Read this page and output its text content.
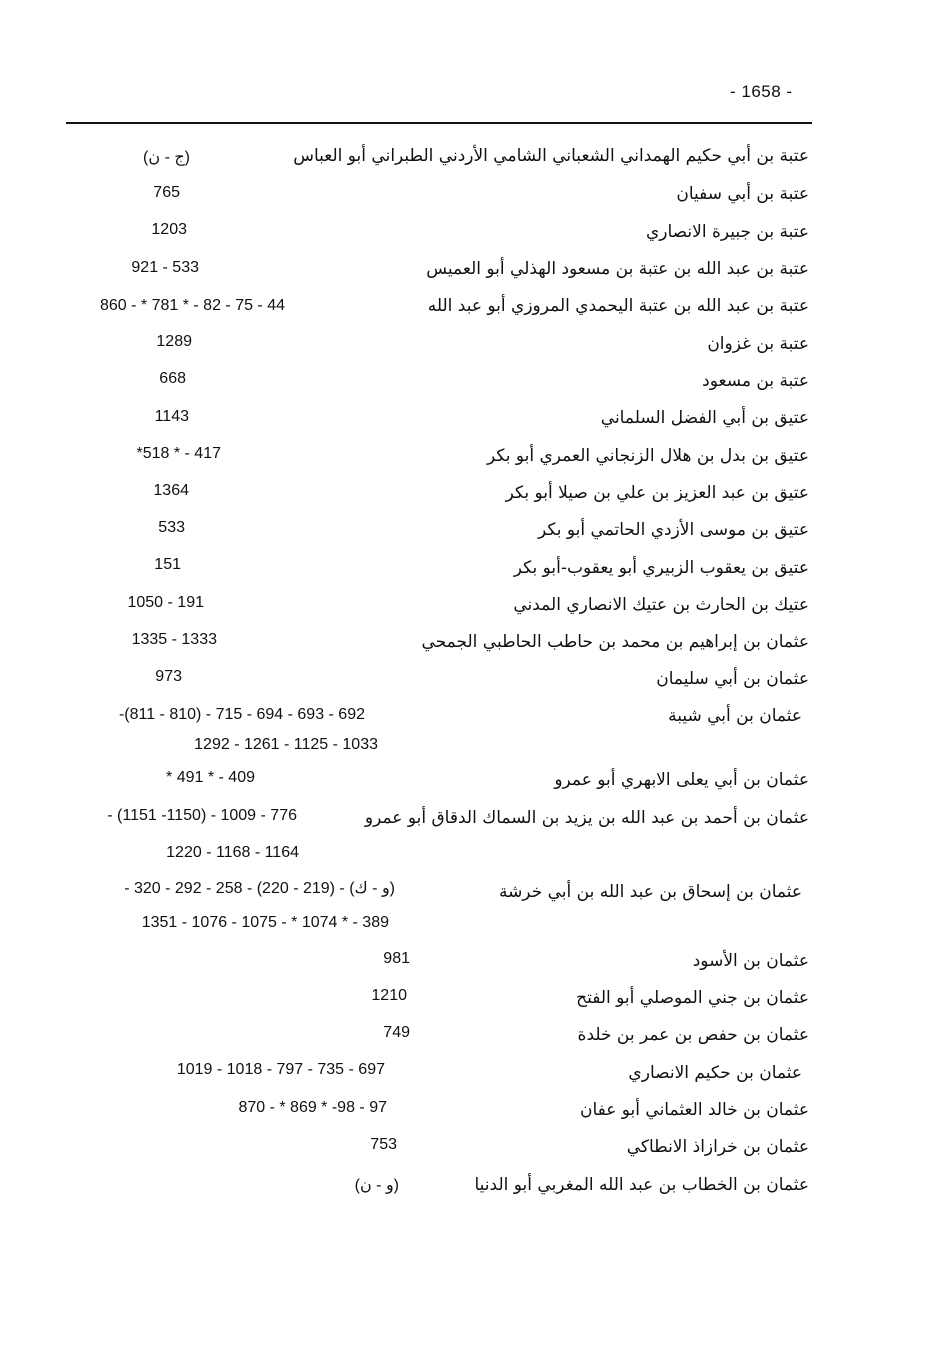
- 1658 -
عتبة بن أبي حكيم الهمداني الشعباني الشامي الأردني الطبراني أبو العباس
(ج - ن)
عتبة بن أبي سفيان
765
عتبة بن جبيرة الانصاري
1203
عتبة بن عبد الله بن عتبة بن مسعود الهذلي أبو العميس
921 - 533
عتبة بن عبد الله بن عتبة اليحمدي المروزي أبو عبد الله
860 - * 781 * - 82 - 75 - 44
عتبة بن غزوان
1289
عتبة بن مسعود
668
عتيق بن أبي الفضل السلماني
1143
عتيق بن بدل بن هلال الزنجاني العمري أبو بكر
*518 * - 417
عتيق بن عبد العزيز بن علي بن صيلا أبو بكر
1364
عتيق بن موسى الأزدي الحاتمي أبو بكر
533
عتيق بن يعقوب الزبيري أبو يعقوب-أبو بكر
151
عتيك بن الحارث بن عتيك الانصاري المدني
1050 - 191
عثمان بن إبراهيم بن محمد بن حاطب الحاطبي الجمحي
1335 - 1333
عثمان بن أبي سليمان
973
عثمان بن أبي شيبة
-(811 - 810) - 715 - 694 - 693 - 692
1292 - 1261 - 1125 - 1033
عثمان بن أبي يعلى الابهري أبو عمرو
* 491 * - 409
عثمان بن أحمد بن عبد الله بن يزيد بن السماك الدقاق أبو عمرو
- (1151 -1150) - 1009 - 776
1220 - 1168 - 1164
عثمان بن إسحاق بن عبد الله بن أبي خرشة
- 320 - 292 - 258 - (220 - 219) - (و - ك)
1351 - 1076 - 1075 - * 1074 * - 389
عثمان بن الأسود
981
عثمان بن جني الموصلي أبو الفتح
1210
عثمان بن حفص بن عمر بن خلدة
749
عثمان بن حكيم الانصاري
1019 - 1018 - 797 - 735 - 697
عثمان بن خالد العثماني أبو عفان
870 - * 869 * -98 - 97
عثمان بن خرازاذ الانطاكي
753
عثمان بن الخطاب بن عبد الله المغربي أبو الدنيا
(و - ن)
